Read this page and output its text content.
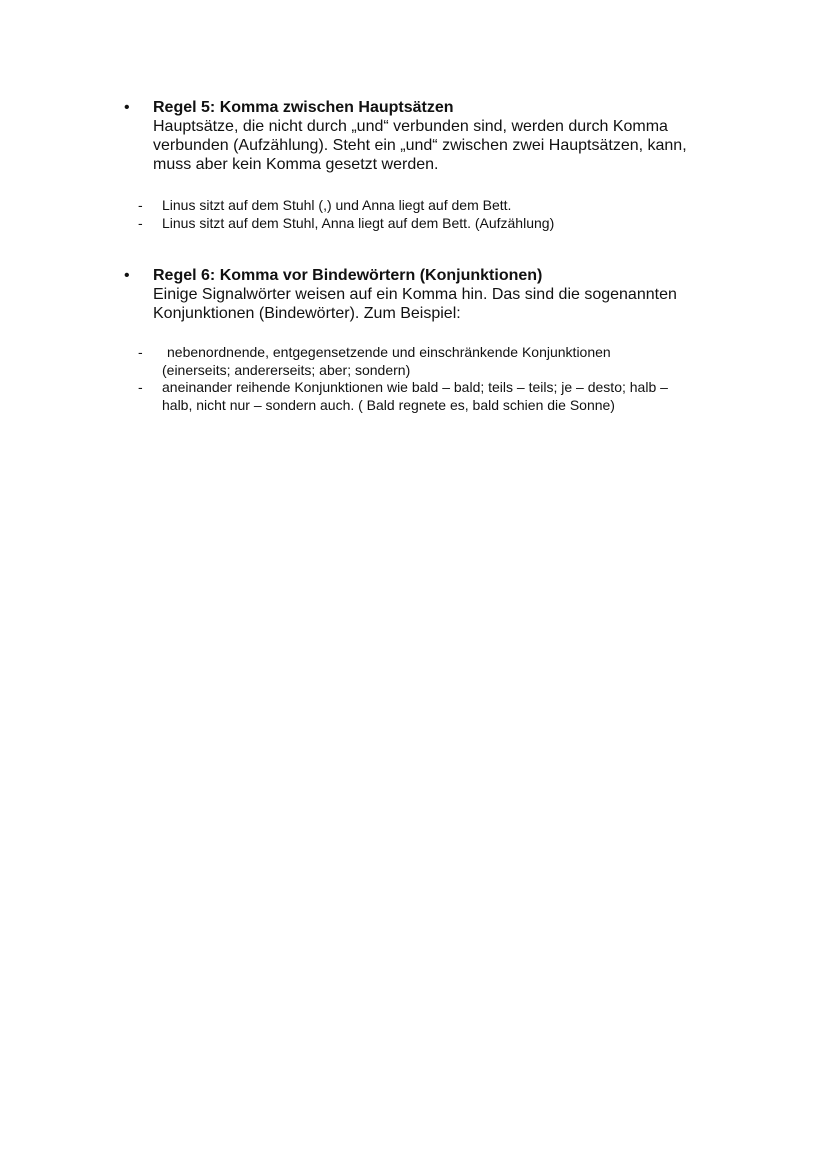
• Regel 5: Komma zwischen Hauptsätzen

Hauptsätze, die nicht durch „und“ verbunden sind, werden durch Komma

verbunden (Aufzählung). Steht ein „und“ zwischen zwei Hauptsätzen, kann,

muss aber kein Komma gesetzt werden.

- Linus sitzt auf dem Stuhl (,) und Anna liegt auf dem Bett.
- Linus sitzt auf dem Stuhl, Anna liegt auf dem Bett. (Aufzählung)
• Regel 6: Komma vor Bindewörtern (Konjunktionen)

Einige Signalwörter weisen auf ein Komma hin. Das sind die sogenannten

Konjunktionen (Bindewörter). Zum Beispiel:

-	nebenordnende, entgegensetzende und einschränkende Konjunktionen
(einerseits; andererseits; aber; sondern)
- aneinander reihende Konjunktionen wie bald – bald; teils – teils; je – desto; halb –
halb, nicht nur – sondern auch. ( Bald regnete es, bald schien die Sonne)
